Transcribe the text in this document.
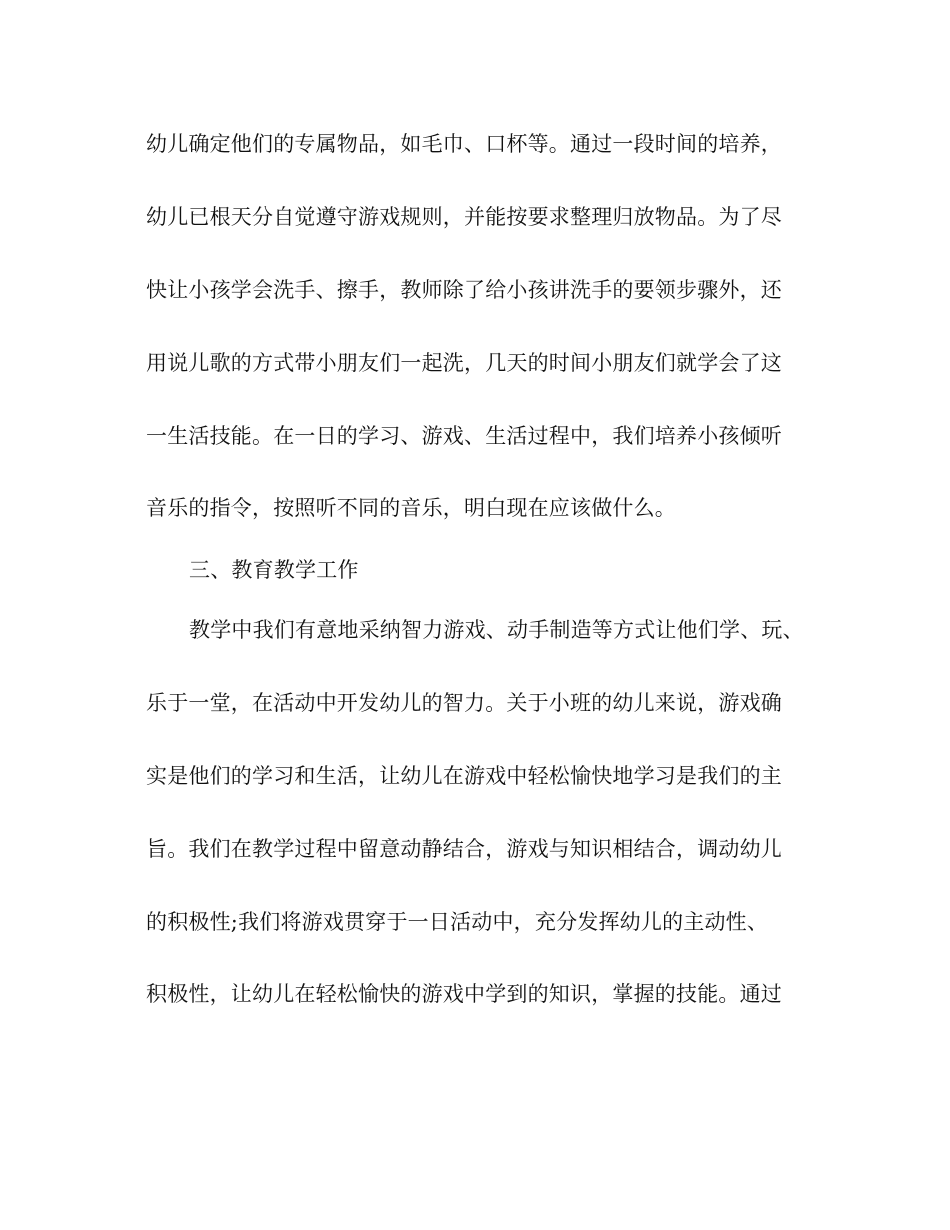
幼儿确定他们的专属物品，如毛巾、口杯等。通过一段时间的培养，
幼儿已根天分自觉遵守游戏规则，并能按要求整理归放物品。为了尽
快让小孩学会洗手、擦手，教师除了给小孩讲洗手的要领步骤外，还
用说儿歌的方式带小朋友们一起洗，几天的时间小朋友们就学会了这
一生活技能。在一日的学习、游戏、生活过程中，我们培养小孩倾听
音乐的指令，按照听不同的音乐，明白现在应该做什么。
三、教育教学工作
教学中我们有意地采纳智力游戏、动手制造等方式让他们学、玩、
乐于一堂，在活动中开发幼儿的智力。关于小班的幼儿来说，游戏确
实是他们的学习和生活，让幼儿在游戏中轻松愉快地学习是我们的主
旨。我们在教学过程中留意动静结合，游戏与知识相结合，调动幼儿
的积极性;我们将游戏贯穿于一日活动中，充分发挥幼儿的主动性、
积极性，让幼儿在轻松愉快的游戏中学到的知识，掌握的技能。通过
